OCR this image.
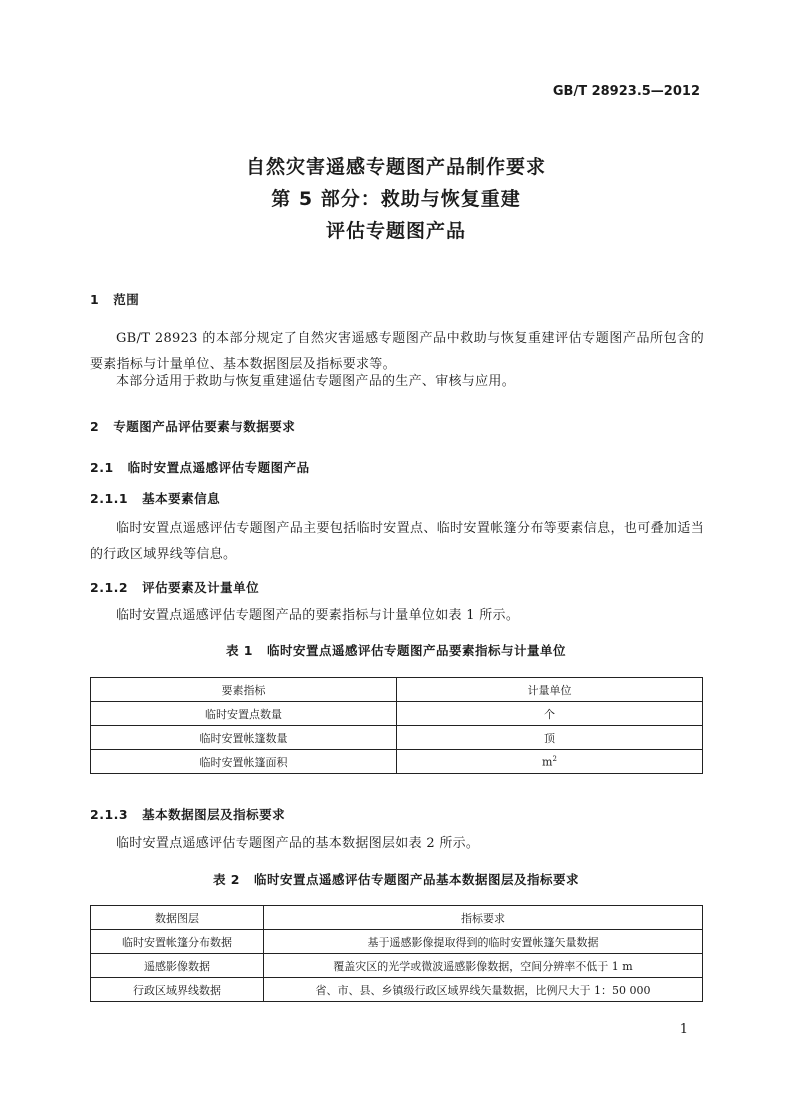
GB/T 28923.5—2012
自然灾害遥感专题图产品制作要求
第 5 部分：救助与恢复重建
评估专题图产品
1 范围
GB/T 28923 的本部分规定了自然灾害遥感专题图产品中救助与恢复重建评估专题图产品所包含的要素指标与计量单位、基本数据图层及指标要求等。
本部分适用于救助与恢复重建遥估专题图产品的生产、审核与应用。
2 专题图产品评估要素与数据要求
2.1 临时安置点遥感评估专题图产品
2.1.1 基本要素信息
临时安置点遥感评估专题图产品主要包括临时安置点、临时安置帐篷分布等要素信息，也可叠加适当的行政区域界线等信息。
2.1.2 评估要素及计量单位
临时安置点遥感评估专题图产品的要素指标与计量单位如表 1 所示。
表 1 临时安置点遥感评估专题图产品要素指标与计量单位
要素指标	计量单位
临时安置点数量	个
临时安置帐篷数量	顶
临时安置帐篷面积	$m^2$
2.1.3 基本数据图层及指标要求
临时安置点遥感评估专题图产品的基本数据图层如表 2 所示。
表 2 临时安置点遥感评估专题图产品基本数据图层及指标要求
数据图层	指标要求
临时安置帐篷分布数据	基于遥感影像提取得到的临时安置帐篷矢量数据
遥感影像数据	覆盖灾区的光学或微波遥感影像数据，空间分辨率不低于 1 m
行政区域界线数据	省、市、县、乡镇级行政区域界线矢量数据，比例尺大于 1：50 000
1
